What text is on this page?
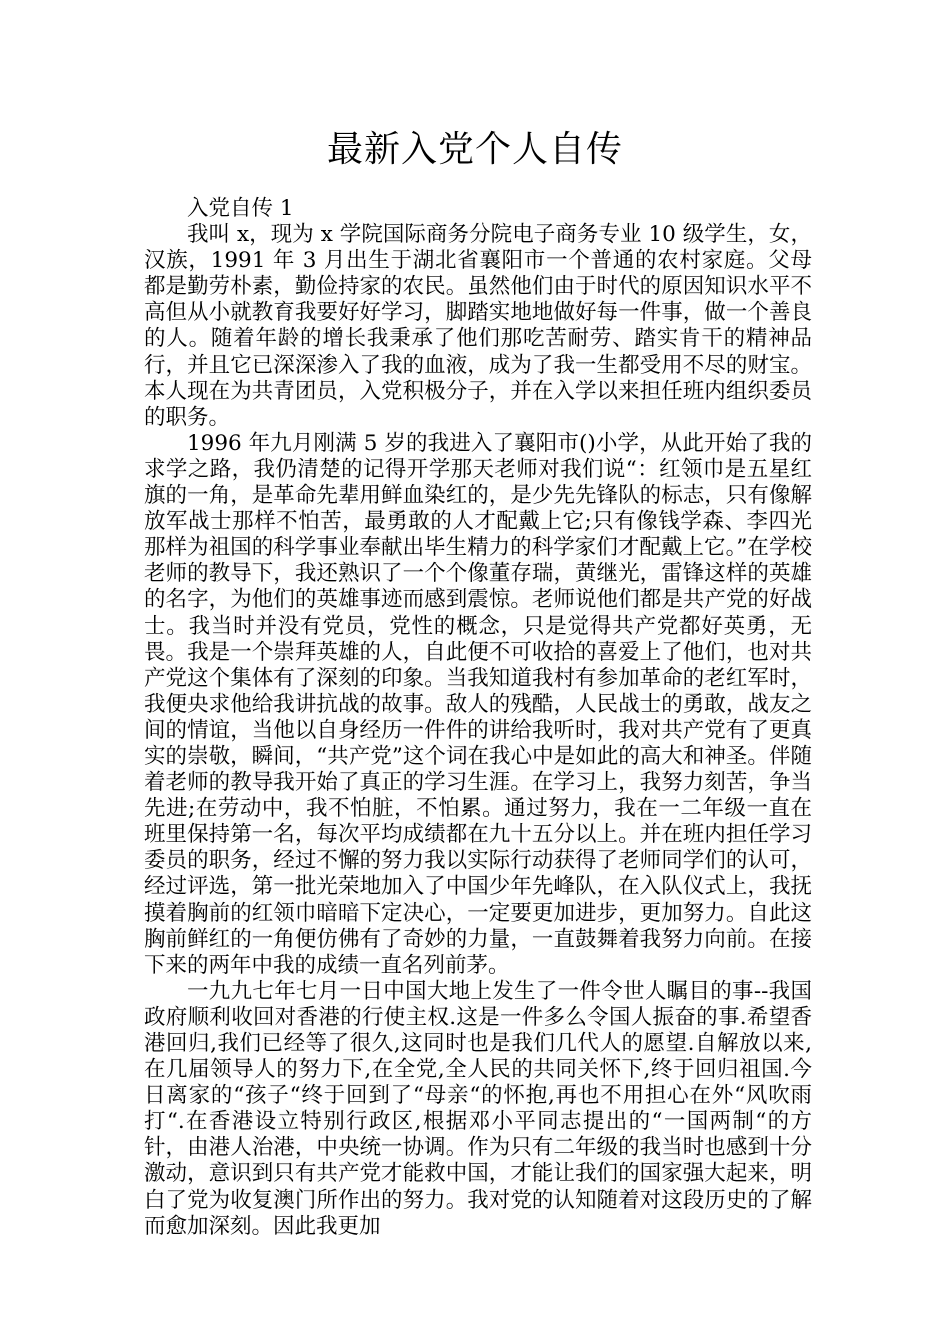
最新入党个人自传

入党自传 1

我叫 x，现为 x 学院国际商务分院电子商务专业 10 级学生，女，汉族，1991 年 3 月出生于湖北省襄阳市一个普通的农村家庭。父母都是勤劳朴素，勤俭持家的农民。虽然他们由于时代的原因知识水平不高但从小就教育我要好好学习，脚踏实地地做好每一件事，做一个善良的人。随着年龄的增长我秉承了他们那吃苦耐劳、踏实肯干的精神品行，并且它已深深渗入了我的血液，成为了我一生都受用不尽的财宝。本人现在为共青团员，入党积极分子，并在入学以来担任班内组织委员的职务。

1996 年九月刚满 5 岁的我进入了襄阳市()小学，从此开始了我的求学之路，我仍清楚的记得开学那天老师对我们说“：红领巾是五星红旗的一角，是革命先辈用鲜血染红的，是少先先锋队的标志，只有像解放军战士那样不怕苦，最勇敢的人才配戴上它;只有像钱学森、李四光那样为祖国的科学事业奉献出毕生精力的科学家们才配戴上它。”在学校老师的教导下，我还熟识了一个个像董存瑞，黄继光，雷锋这样的英雄的名字，为他们的英雄事迹而感到震惊。老师说他们都是共产党的好战士。我当时并没有党员，党性的概念，只是觉得共产党都好英勇，无畏。我是一个崇拜英雄的人，自此便不可收拾的喜爱上了他们，也对共产党这个集体有了深刻的印象。当我知道我村有参加革命的老红军时，我便央求他给我讲抗战的故事。敌人的残酷，人民战士的勇敢，战友之间的情谊，当他以自身经历一件件的讲给我听时，我对共产党有了更真实的崇敬，瞬间，“共产党”这个词在我心中是如此的高大和神圣。伴随着老师的教导我开始了真正的学习生涯。在学习上，我努力刻苦，争当先进;在劳动中，我不怕脏，不怕累。通过努力，我在一二年级一直在班里保持第一名，每次平均成绩都在九十五分以上。并在班内担任学习委员的职务，经过不懈的努力我以实际行动获得了老师同学们的认可，经过评选，第一批光荣地加入了中国少年先峰队，在入队仪式上，我抚摸着胸前的红领巾暗暗下定决心，一定要更加进步，更加努力。自此这胸前鲜红的一角便仿佛有了奇妙的力量，一直鼓舞着我努力向前。在接下来的两年中我的成绩一直名列前茅。

一九九七年七月一日中国大地上发生了一件令世人瞩目的事--我国政府顺利收回对香港的行使主权.这是一件多么令国人振奋的事.希望香港回归,我们已经等了很久,这同时也是我们几代人的愿望.自解放以来,在几届领导人的努力下,在全党,全人民的共同关怀下,终于回归祖国.今日离家的“孩子“终于回到了“母亲“的怀抱,再也不用担心在外“风吹雨打“.在香港设立特别行政区,根据邓小平同志提出的“一国两制“的方针，由港人治港，中央统一协调。作为只有二年级的我当时也感到十分激动，意识到只有共产党才能救中国，才能让我们的国家强大起来，明白了党为收复澳门所作出的努力。我对党的认知随着对这段历史的了解而愈加深刻。因此我更加
